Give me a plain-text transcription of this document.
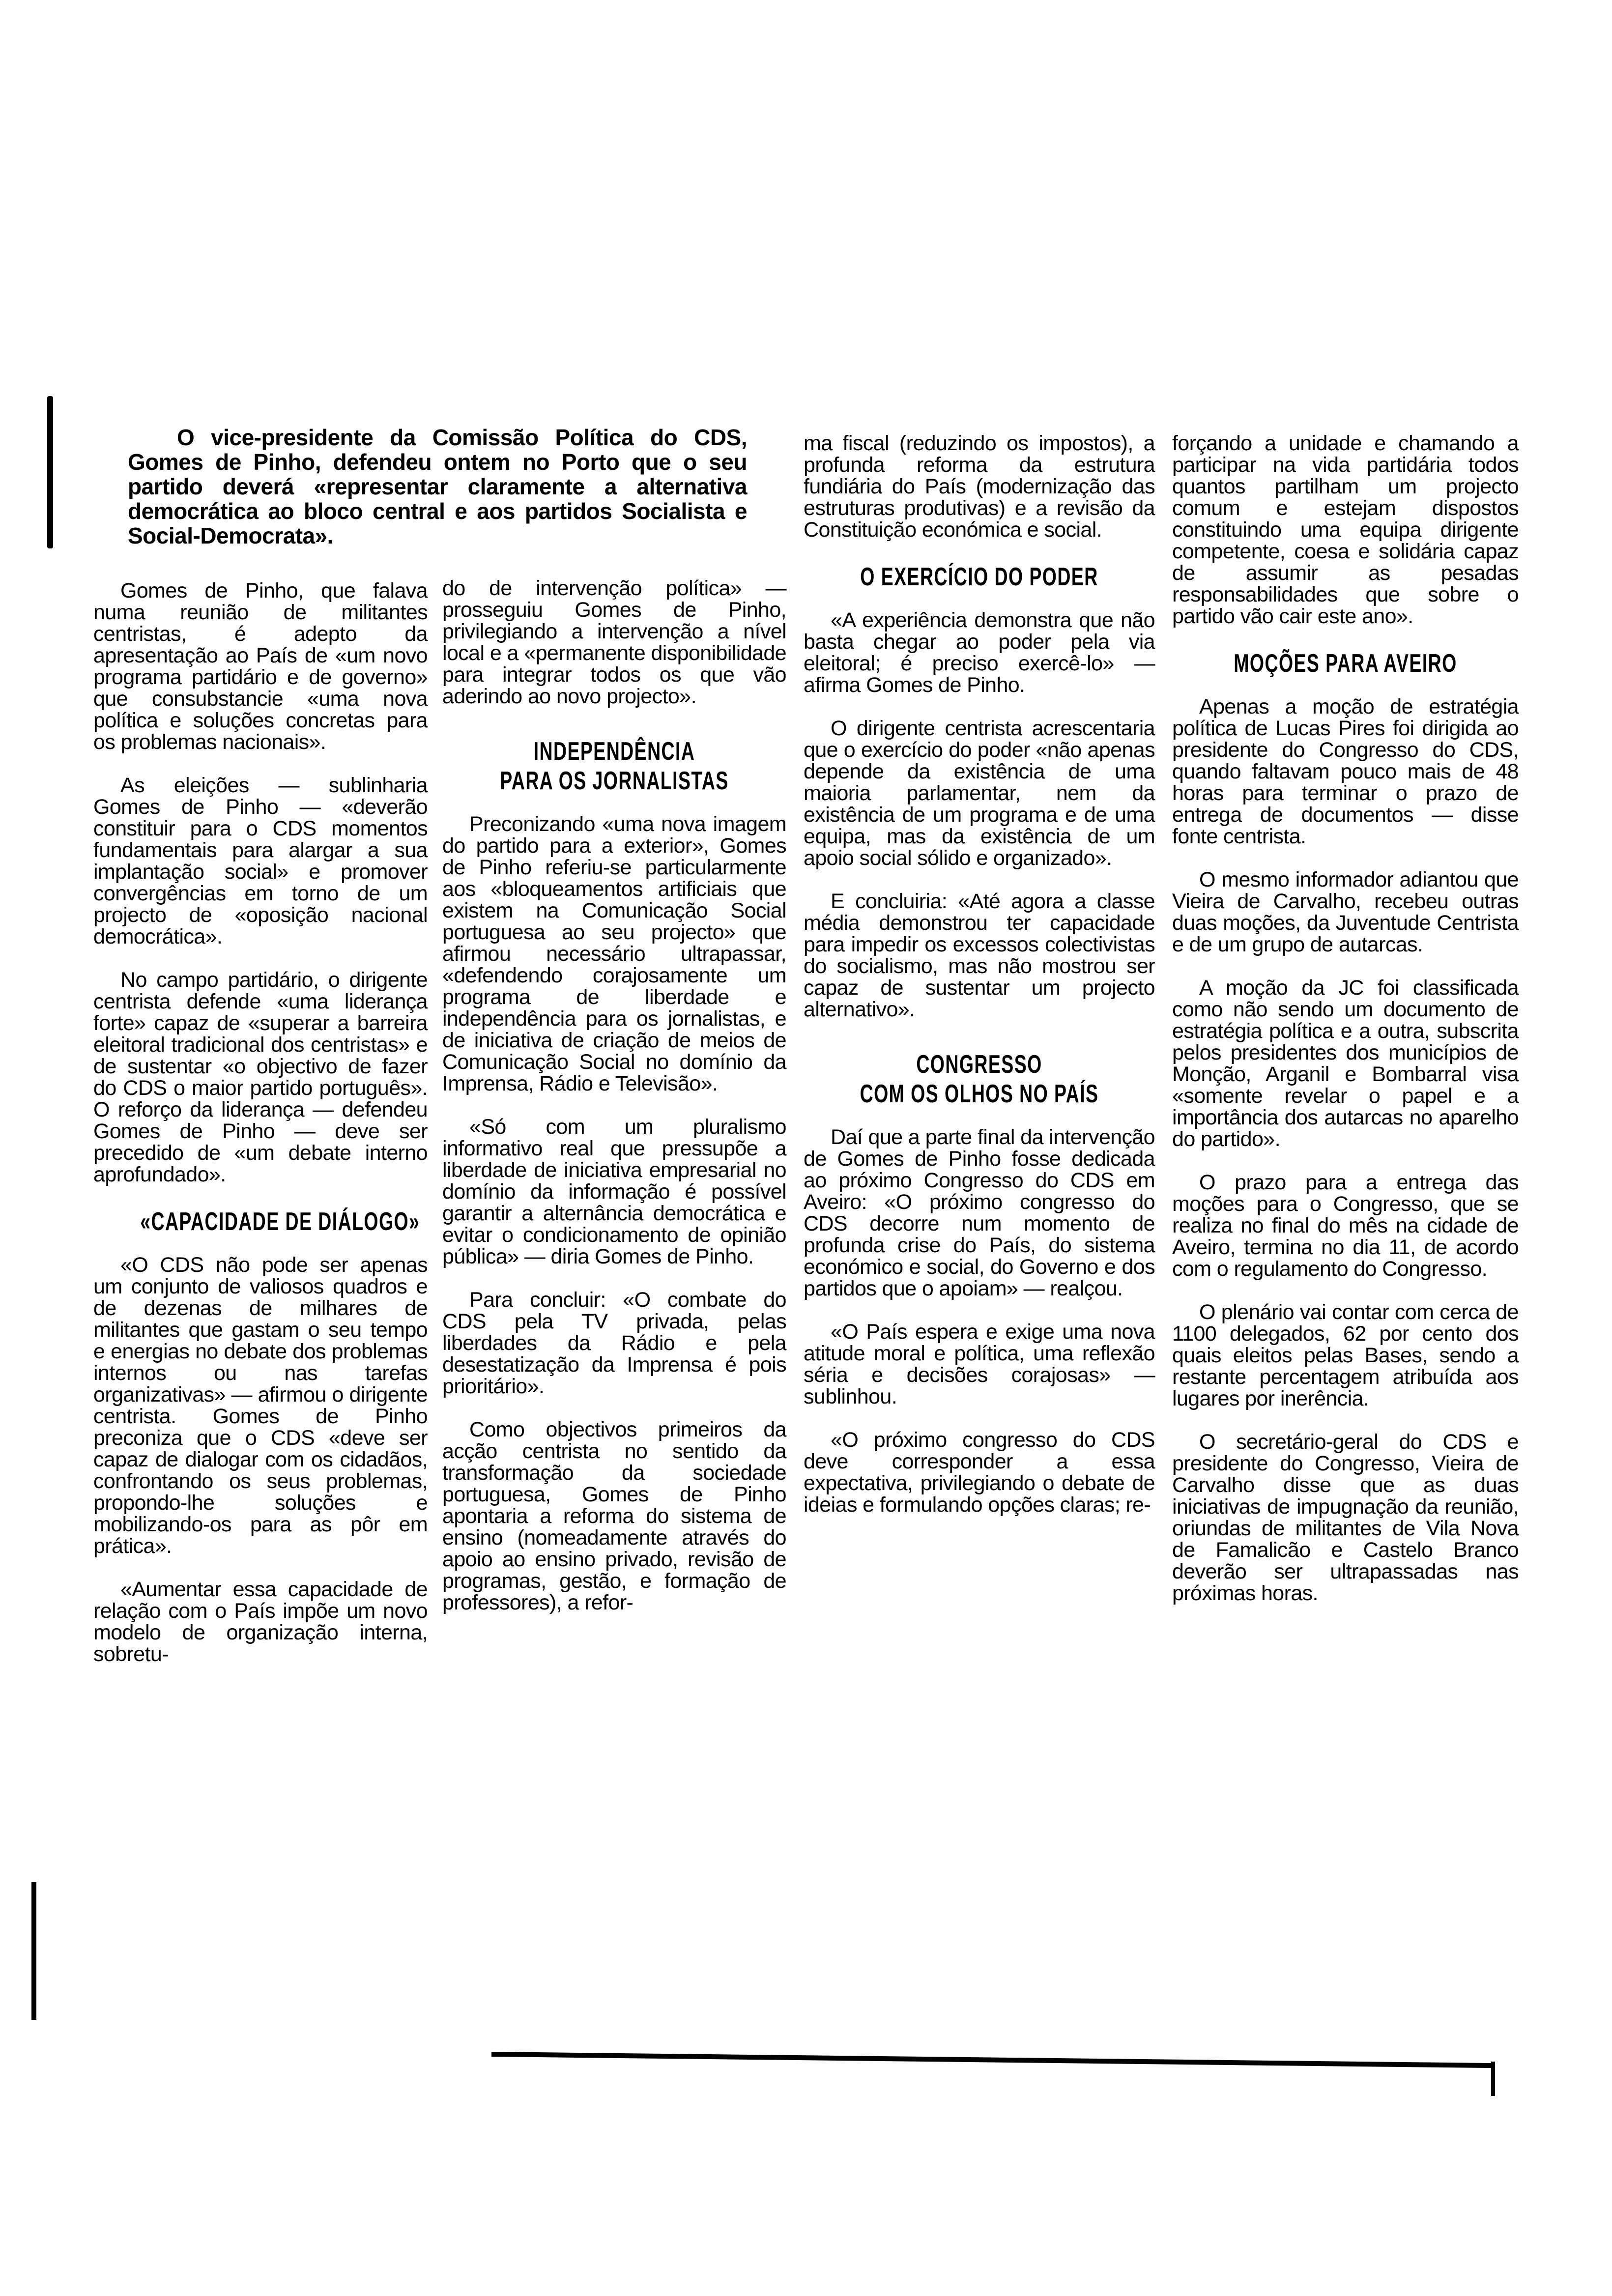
O vice-presidente da Comissão Política do CDS, Gomes de Pinho, defendeu ontem no Porto que o seu partido deverá «representar claramente a alternativa democrática ao bloco central e aos partidos Socialista e Social-Democrata».

Gomes de Pinho, que falava numa reunião de militantes centristas, é adepto da apresentação ao País de «um novo programa partidário e de governo» que consubstancie «uma nova política e soluções concretas para os problemas nacionais».

As eleições — sublinharia Gomes de Pinho — «deverão constituir para o CDS momentos fundamentais para alargar a sua implantação social» e promover convergências em torno de um projecto de «oposição nacional democrática».

No campo partidário, o dirigente centrista defende «uma liderança forte» capaz de «superar a barreira eleitoral tradicional dos centristas» e de sustentar «o objectivo de fazer do CDS o maior partido português». O reforço da liderança — defendeu Gomes de Pinho — deve ser precedido de «um debate interno aprofundado».

«CAPACIDADE DE DIÁLOGO»

«O CDS não pode ser apenas um conjunto de valiosos quadros e de dezenas de milhares de militantes que gastam o seu tempo e energias no debate dos problemas internos ou nas tarefas organizativas» — afirmou o dirigente centrista. Gomes de Pinho preconiza que o CDS «deve ser capaz de dialogar com os cidadãos, confrontando os seus problemas, propondo-lhe soluções e mobilizando-os para as pôr em prática».

«Aumentar essa capacidade de relação com o País impõe um novo modelo de organização interna, sobretu-

do de intervenção política» — prosseguiu Gomes de Pinho, privilegiando a intervenção a nível local e a «permanente disponibilidade para integrar todos os que vão aderindo ao novo projecto».

INDEPENDÊNCIA
PARA OS JORNALISTAS

Preconizando «uma nova imagem do partido para a exterior», Gomes de Pinho referiu-se particularmente aos «bloqueamentos artificiais que existem na Comunicação Social portuguesa ao seu projecto» que afirmou necessário ultrapassar, «defendendo corajosamente um programa de liberdade e independência para os jornalistas, e de iniciativa de criação de meios de Comunicação Social no domínio da Imprensa, Rádio e Televisão».

«Só com um pluralismo informativo real que pressupõe a liberdade de iniciativa empresarial no domínio da informação é possível garantir a alternância democrática e evitar o condicionamento de opinião pública» — diria Gomes de Pinho.

Para concluir: «O combate do CDS pela TV privada, pelas liberdades da Rádio e pela desestatização da Imprensa é pois prioritário».

Como objectivos primeiros da acção centrista no sentido da transformação da sociedade portuguesa, Gomes de Pinho apontaria a reforma do sistema de ensino (nomeadamente através do apoio ao ensino privado, revisão de programas, gestão, e formação de professores), a refor-

ma fiscal (reduzindo os impostos), a profunda reforma da estrutura fundiária do País (modernização das estruturas produtivas) e a revisão da Constituição económica e social.

O EXERCÍCIO DO PODER

«A experiência demonstra que não basta chegar ao poder pela via eleitoral; é preciso exercê-lo» — afirma Gomes de Pinho.

O dirigente centrista acrescentaria que o exercício do poder «não apenas depende da existência de uma maioria parlamentar, nem da existência de um programa e de uma equipa, mas da existência de um apoio social sólido e organizado».

E concluiria: «Até agora a classe média demonstrou ter capacidade para impedir os excessos colectivistas do socialismo, mas não mostrou ser capaz de sustentar um projecto alternativo».

CONGRESSO
COM OS OLHOS NO PAÍS

Daí que a parte final da intervenção de Gomes de Pinho fosse dedicada ao próximo Congresso do CDS em Aveiro: «O próximo congresso do CDS decorre num momento de profunda crise do País, do sistema económico e social, do Governo e dos partidos que o apoiam» — realçou.

«O País espera e exige uma nova atitude moral e política, uma reflexão séria e decisões corajosas» — sublinhou.

«O próximo congresso do CDS deve corresponder a essa expectativa, privilegiando o debate de ideias e formulando opções claras; re-

forçando a unidade e chamando a participar na vida partidária todos quantos partilham um projecto comum e estejam dispostos constituindo uma equipa dirigente competente, coesa e solidária capaz de assumir as pesadas responsabilidades que sobre o partido vão cair este ano».

MOÇÕES PARA AVEIRO

Apenas a moção de estratégia política de Lucas Pires foi dirigida ao presidente do Congresso do CDS, quando faltavam pouco mais de 48 horas para terminar o prazo de entrega de documentos — disse fonte centrista.

O mesmo informador adiantou que Vieira de Carvalho, recebeu outras duas moções, da Juventude Centrista e de um grupo de autarcas.

A moção da JC foi classificada como não sendo um documento de estratégia política e a outra, subscrita pelos presidentes dos municípios de Monção, Arganil e Bombarral visa «somente revelar o papel e a importância dos autarcas no aparelho do partido».

O prazo para a entrega das moções para o Congresso, que se realiza no final do mês na cidade de Aveiro, termina no dia 11, de acordo com o regulamento do Congresso.

O plenário vai contar com cerca de 1100 delegados, 62 por cento dos quais eleitos pelas Bases, sendo a restante percentagem atribuída aos lugares por inerência.

O secretário-geral do CDS e presidente do Congresso, Vieira de Carvalho disse que as duas iniciativas de impugnação da reunião, oriundas de militantes de Vila Nova de Famalicão e Castelo Branco deverão ser ultrapassadas nas próximas horas.
